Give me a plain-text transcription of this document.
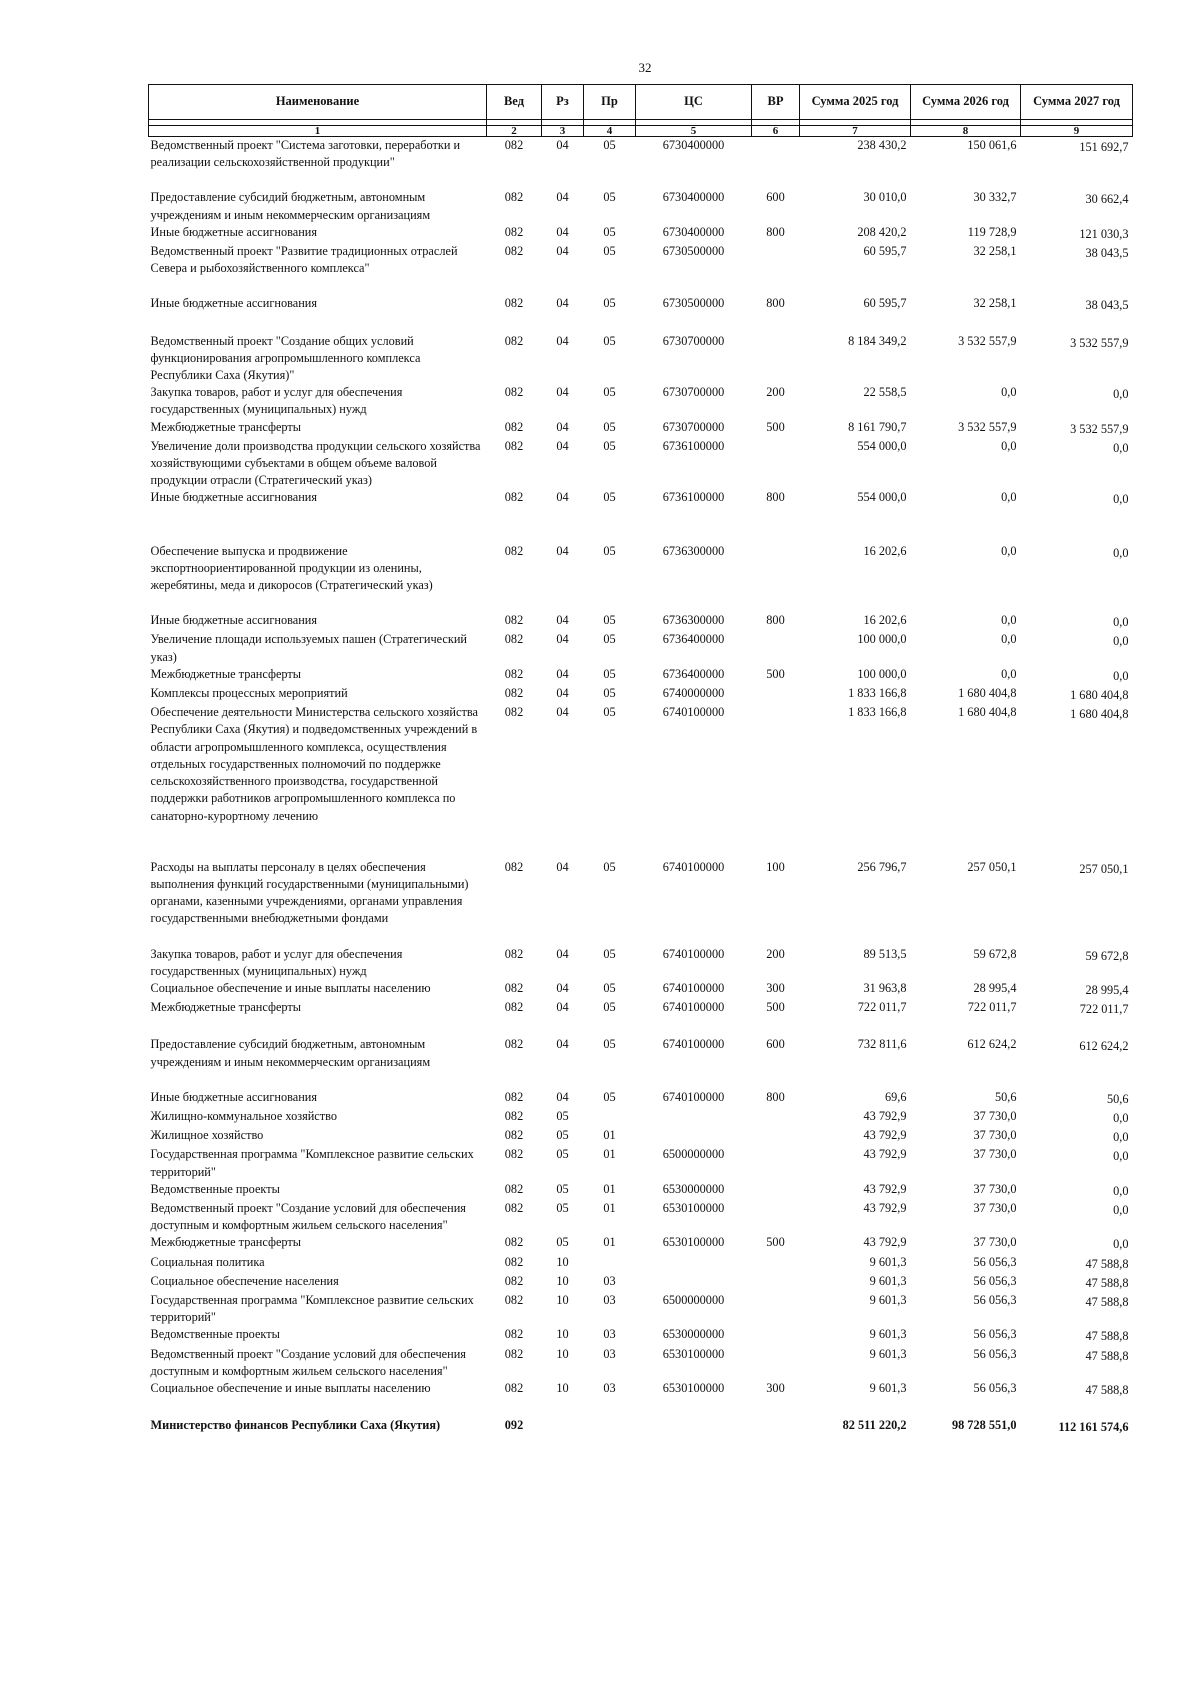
32
Наименование	Вед	Рз	Пр	ЦС	ВР	Сумма 2025 год	Сумма 2026 год	Сумма 2027 год

1	2	3	4	5	6	7	8	9
Ведомственный проект "Система заготовки, переработки и реализации сельскохозяйственной продукции"	082	04	05	6730400000		238 430,2	150 061,6	151 692,7
Предоставление субсидий бюджетным, автономным учреждениям и иным некоммерческим организациям	082	04	05	6730400000	600	30 010,0	30 332,7	30 662,4
Иные бюджетные ассигнования	082	04	05	6730400000	800	208 420,2	119 728,9	121 030,3
Ведомственный проект "Развитие традиционных отраслей Севера и рыбохозяйственного комплекса"	082	04	05	6730500000		60 595,7	32 258,1	38 043,5
Иные бюджетные ассигнования	082	04	05	6730500000	800	60 595,7	32 258,1	38 043,5
Ведомственный проект "Создание общих условий функционирования агропромышленного комплекса Республики Саха (Якутия)"	082	04	05	6730700000		8 184 349,2	3 532 557,9	3 532 557,9
Закупка товаров, работ и услуг для обеспечения государственных (муниципальных) нужд	082	04	05	6730700000	200	22 558,5	0,0	0,0
Межбюджетные трансферты	082	04	05	6730700000	500	8 161 790,7	3 532 557,9	3 532 557,9
Увеличение доли производства продукции сельского хозяйства хозяйствующими субъектами в общем объеме валовой продукции отрасли (Стратегический указ)	082	04	05	6736100000		554 000,0	0,0	0,0
Иные бюджетные ассигнования	082	04	05	6736100000	800	554 000,0	0,0	0,0
Обеспечение выпуска и продвижение экспортноориентированной продукции из оленины, жеребятины, меда и дикоросов (Стратегический указ)	082	04	05	6736300000		16 202,6	0,0	0,0
Иные бюджетные ассигнования	082	04	05	6736300000	800	16 202,6	0,0	0,0
Увеличение площади используемых пашен (Стратегический указ)	082	04	05	6736400000		100 000,0	0,0	0,0
Межбюджетные трансферты	082	04	05	6736400000	500	100 000,0	0,0	0,0
Комплексы процессных мероприятий	082	04	05	6740000000		1 833 166,8	1 680 404,8	1 680 404,8
Обеспечение деятельности Министерства сельского хозяйства Республики Саха (Якутия) и подведомственных учреждений в области агропромышленного комплекса, осуществления отдельных государственных полномочий по поддержке сельскохозяйственного производства, государственной поддержки работников агропромышленного комплекса по санаторно-курортному лечению	082	04	05	6740100000		1 833 166,8	1 680 404,8	1 680 404,8
Расходы на выплаты персоналу в целях обеспечения выполнения функций государственными (муниципальными) органами, казенными учреждениями, органами управления государственными внебюджетными фондами	082	04	05	6740100000	100	256 796,7	257 050,1	257 050,1
Закупка товаров, работ и услуг для обеспечения государственных (муниципальных) нужд	082	04	05	6740100000	200	89 513,5	59 672,8	59 672,8
Социальное обеспечение и иные выплаты населению	082	04	05	6740100000	300	31 963,8	28 995,4	28 995,4
Межбюджетные трансферты	082	04	05	6740100000	500	722 011,7	722 011,7	722 011,7
Предоставление субсидий бюджетным, автономным учреждениям и иным некоммерческим организациям	082	04	05	6740100000	600	732 811,6	612 624,2	612 624,2
Иные бюджетные ассигнования	082	04	05	6740100000	800	69,6	50,6	50,6
Жилищно-коммунальное хозяйство	082	05				43 792,9	37 730,0	0,0
Жилищное хозяйство	082	05	01			43 792,9	37 730,0	0,0
Государственная программа "Комплексное развитие сельских территорий"	082	05	01	6500000000		43 792,9	37 730,0	0,0
Ведомственные проекты	082	05	01	6530000000		43 792,9	37 730,0	0,0
Ведомственный проект "Создание условий для обеспечения доступным и комфортным жильем сельского населения"	082	05	01	6530100000		43 792,9	37 730,0	0,0
Межбюджетные трансферты	082	05	01	6530100000	500	43 792,9	37 730,0	0,0
Социальная политика	082	10				9 601,3	56 056,3	47 588,8
Социальное обеспечение населения	082	10	03			9 601,3	56 056,3	47 588,8
Государственная программа "Комплексное развитие сельских территорий"	082	10	03	6500000000		9 601,3	56 056,3	47 588,8
Ведомственные проекты	082	10	03	6530000000		9 601,3	56 056,3	47 588,8
Ведомственный проект "Создание условий для обеспечения доступным и комфортным жильем сельского населения"	082	10	03	6530100000		9 601,3	56 056,3	47 588,8
Социальное обеспечение и иные выплаты населению	082	10	03	6530100000	300	9 601,3	56 056,3	47 588,8
Министерство финансов Республики Саха (Якутия)	092					82 511 220,2	98 728 551,0	112 161 574,6
